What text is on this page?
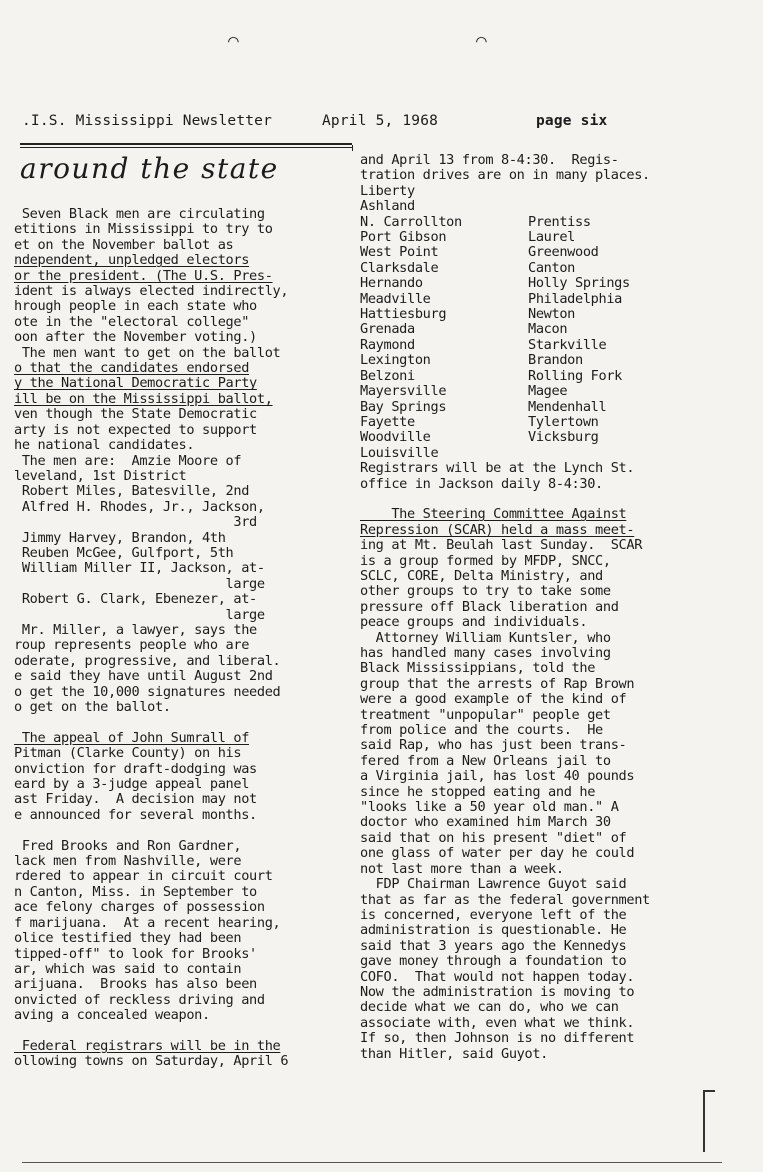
⌒	⌒
.I.S. Mississippi Newsletter	April 5, 1968	page six
around the state
Seven Black men are circulating
etitions in Mississippi to try to
et on the November ballot as
ndependent, unpledged electors
or the president. (The U.S. Pres-
ident is always elected indirectly,
hrough people in each state who
ote in the "electoral college"
oon after the November voting.)
The men want to get on the ballot
o that the candidates endorsed
y the National Democratic Party
ill be on the Mississippi ballot,
ven though the State Democratic
arty is not expected to support
he national candidates.
The men are:  Amzie Moore of
leveland, 1st District
Robert Miles, Batesville, 2nd
Alfred H. Rhodes, Jr., Jackson,
3rd
Jimmy Harvey, Brandon, 4th
Reuben McGee, Gulfport, 5th
William Miller II, Jackson, at-
large
Robert G. Clark, Ebenezer, at-
large
Mr. Miller, a lawyer, says the
roup represents people who are
oderate, progressive, and liberal.
e said they have until August 2nd
o get the 10,000 signatures needed
o get on the ballot.

The appeal of John Sumrall of
Pitman (Clarke County) on his
onviction for draft-dodging was
eard by a 3-judge appeal panel
ast Friday.  A decision may not
e announced for several months.

Fred Brooks and Ron Gardner,
lack men from Nashville, were
rdered to appear in circuit court
n Canton, Miss. in September to
ace felony charges of possession
f marijuana.  At a recent hearing,
olice testified they had been
tipped-off" to look for Brooks'
ar, which was said to contain
arijuana.  Brooks has also been
onvicted of reckless driving and
aving a concealed weapon.

Federal registrars will be in the
ollowing towns on Saturday, April 6
and April 13 from 8-4:30.  Regis-
tration drives are on in many places.
Liberty
Ashland
N. Carrollton	Prentiss
Port Gibson	Laurel
West Point	Greenwood
Clarksdale	Canton
Hernando	Holly Springs
Meadville	Philadelphia
Hattiesburg	Newton
Grenada	Macon
Raymond	Starkville
Lexington	Brandon
Belzoni	Rolling Fork
Mayersville	Magee
Bay Springs	Mendenhall
Fayette	Tylertown
Woodville	Vicksburg
Louisville
Registrars will be at the Lynch St.
office in Jackson daily 8-4:30.

The Steering Committee Against
Repression (SCAR) held a mass meet-
ing at Mt. Beulah last Sunday.  SCAR
is a group formed by MFDP, SNCC,
SCLC, CORE, Delta Ministry, and
other groups to try to take some
pressure off Black liberation and
peace groups and individuals.
Attorney William Kuntsler, who
has handled many cases involving
Black Mississippians, told the
group that the arrests of Rap Brown
were a good example of the kind of
treatment "unpopular" people get
from police and the courts.  He
said Rap, who has just been trans-
fered from a New Orleans jail to
a Virginia jail, has lost 40 pounds
since he stopped eating and he
"looks like a 50 year old man." A
doctor who examined him March 30
said that on his present "diet" of
one glass of water per day he could
not last more than a week.
FDP Chairman Lawrence Guyot said
that as far as the federal government
is concerned, everyone left of the
administration is questionable. He
said that 3 years ago the Kennedys
gave money through a foundation to
COFO.  That would not happen today.
Now the administration is moving to
decide what we can do, who we can
associate with, even what we think.
If so, then Johnson is no different
than Hitler, said Guyot.
